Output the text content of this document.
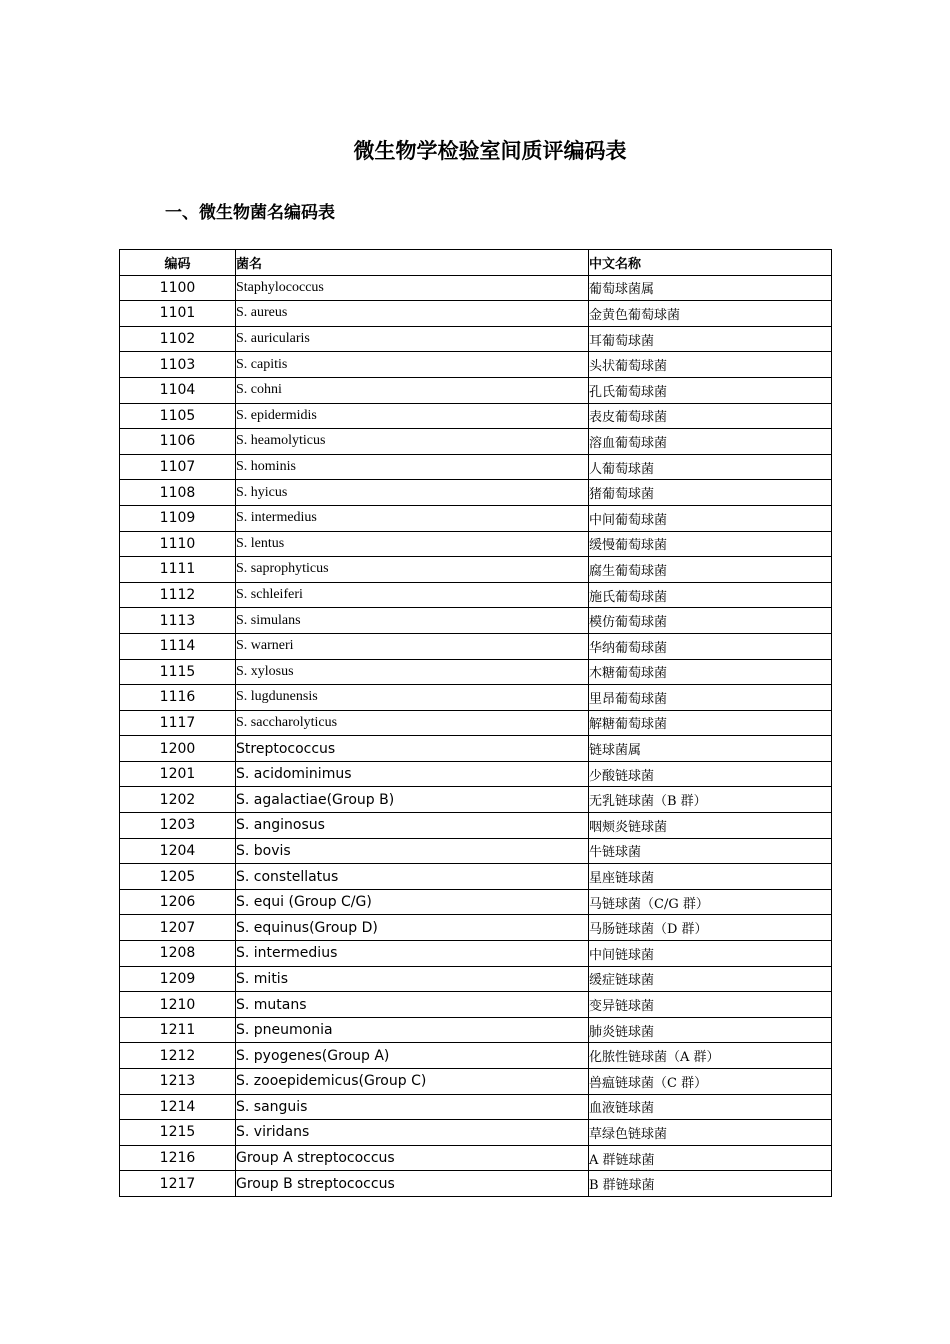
微生物学检验室间质评编码表
一、微生物菌名编码表
编码	菌名	中文名称
1100	Staphylococcus	葡萄球菌属
1101	S. aureus	金黄色葡萄球菌
1102	S. auricularis	耳葡萄球菌
1103	S. capitis	头状葡萄球菌
1104	S. cohni	孔氏葡萄球菌
1105	S. epidermidis	表皮葡萄球菌
1106	S. heamolyticus	溶血葡萄球菌
1107	S. hominis	人葡萄球菌
1108	S. hyicus	猪葡萄球菌
1109	S. intermedius	中间葡萄球菌
1110	S. lentus	缓慢葡萄球菌
1111	S. saprophyticus	腐生葡萄球菌
1112	S. schleiferi	施氏葡萄球菌
1113	S. simulans	模仿葡萄球菌
1114	S. warneri	华纳葡萄球菌
1115	S. xylosus	木糖葡萄球菌
1116	S. lugdunensis	里昂葡萄球菌
1117	S. saccharolyticus	解糖葡萄球菌
1200	Streptococcus	链球菌属
1201	S. acidominimus	少酸链球菌
1202	S. agalactiae(Group B)	无乳链球菌（B 群）
1203	S. anginosus	咽颊炎链球菌
1204	S. bovis	牛链球菌
1205	S. constellatus	星座链球菌
1206	S. equi (Group C/G)	马链球菌（C/G 群）
1207	S. equinus(Group D)	马肠链球菌（D 群）
1208	S. intermedius	中间链球菌
1209	S. mitis	缓症链球菌
1210	S. mutans	变异链球菌
1211	S. pneumonia	肺炎链球菌
1212	S. pyogenes(Group A)	化脓性链球菌（A 群）
1213	S. zooepidemicus(Group C)	兽瘟链球菌（C 群）
1214	S. sanguis	血液链球菌
1215	S. viridans	草绿色链球菌
1216	Group A streptococcus	A 群链球菌
1217	Group B streptococcus	B 群链球菌
